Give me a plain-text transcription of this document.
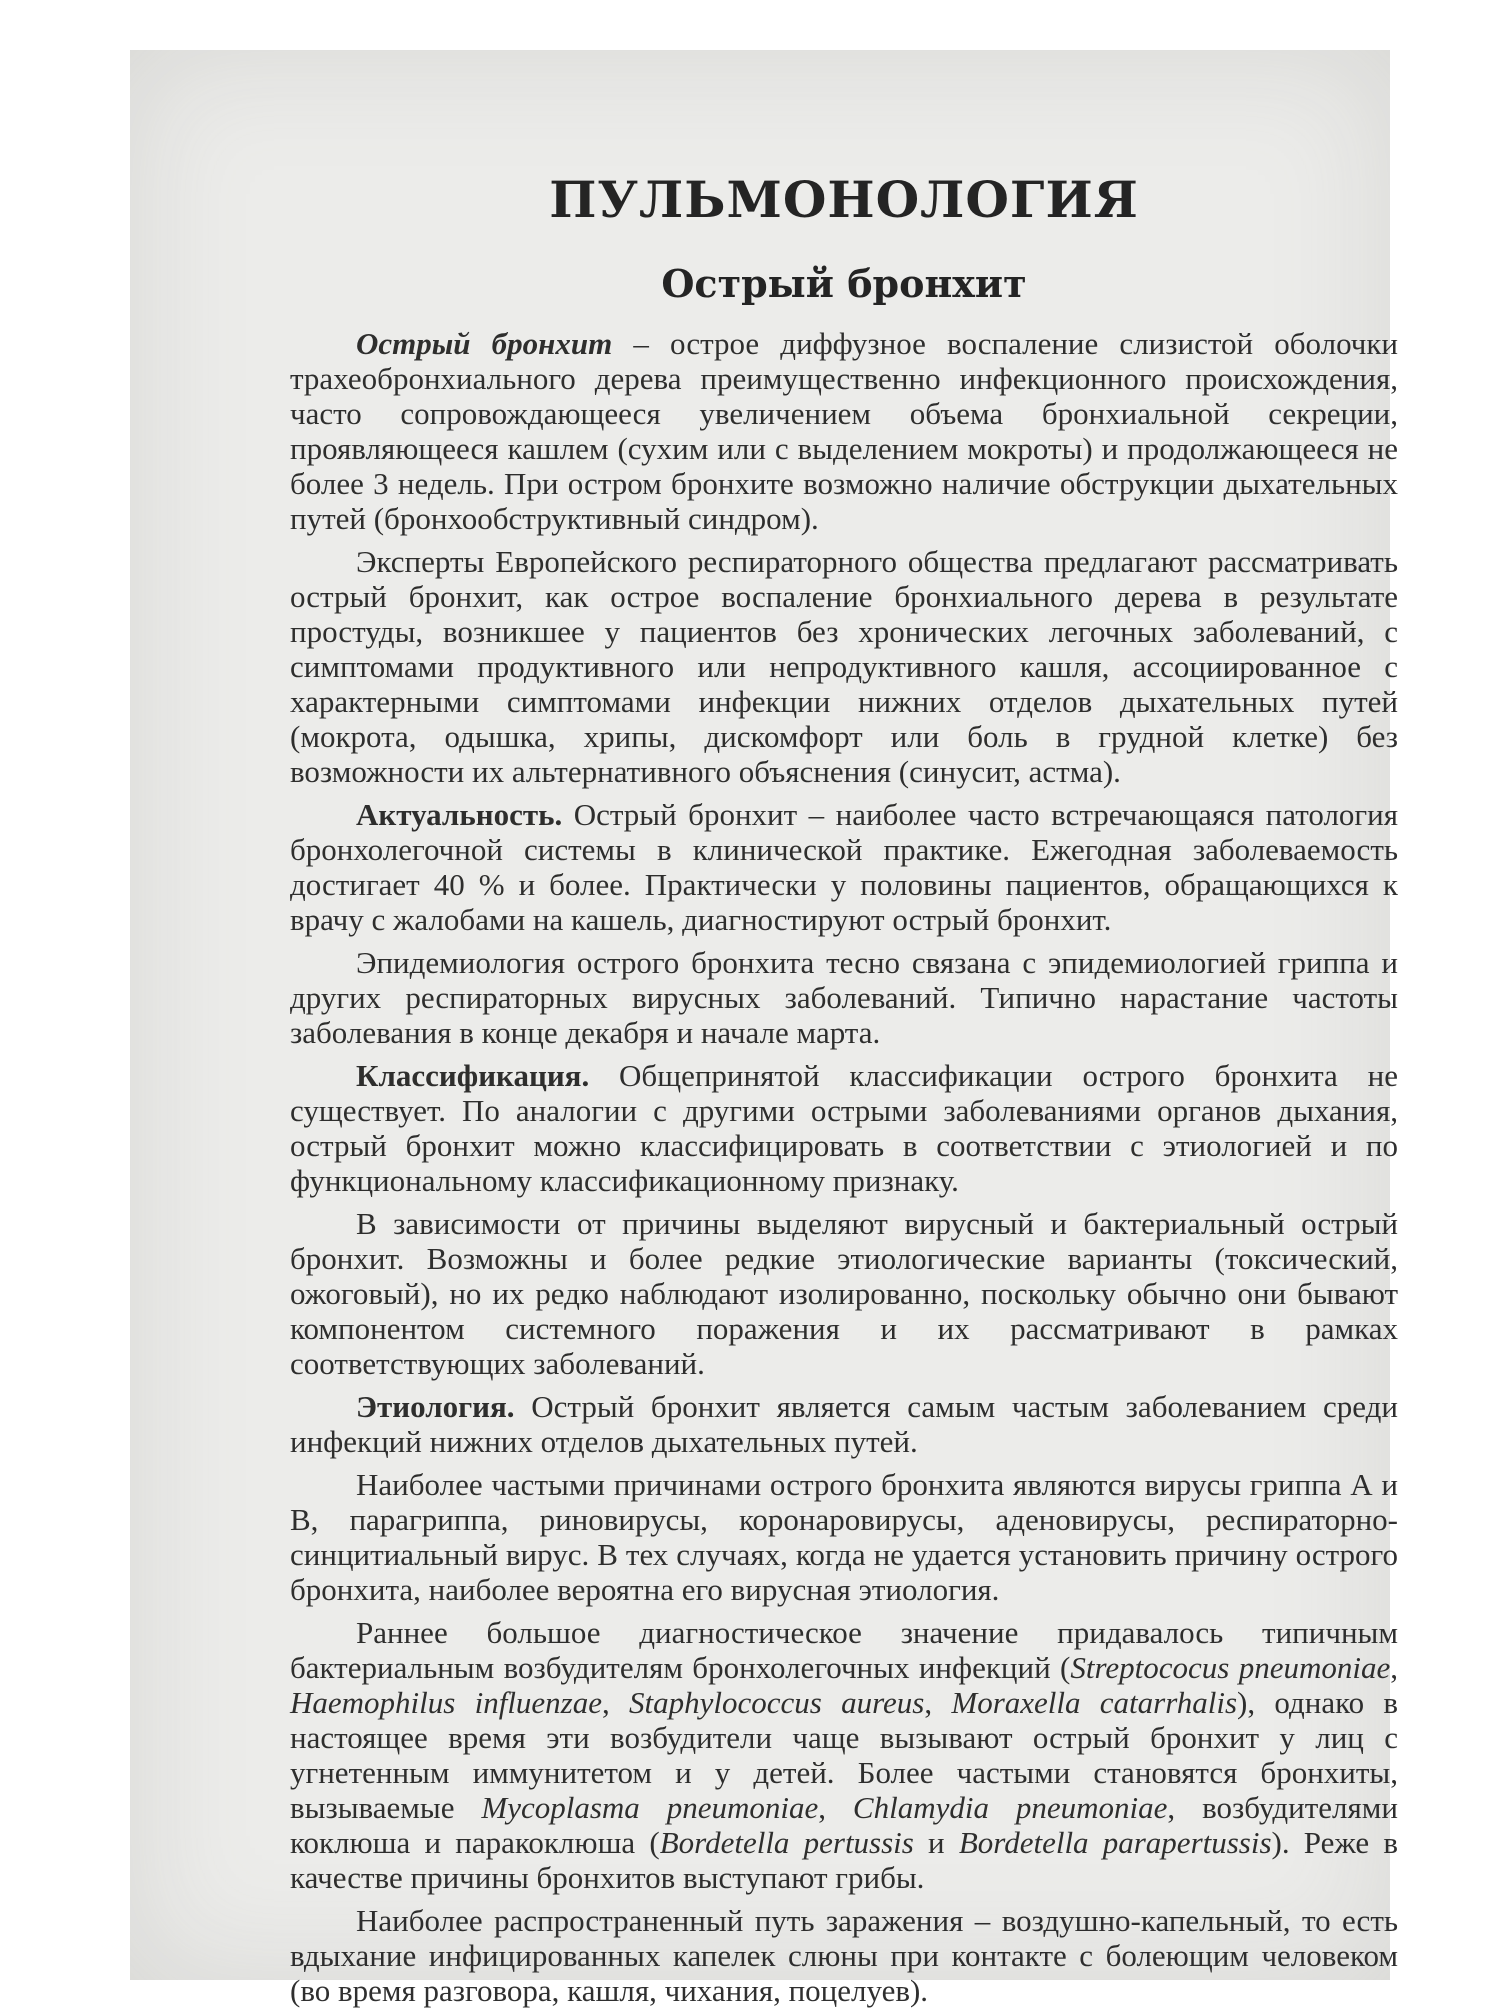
ПУЛЬМОНОЛОГИЯ
Острый бронхит

Острый бронхит – острое диффузное воспаление слизистой оболочки трахеобронхиального дерева преимущественно инфекционного происхождения, часто сопровождающееся увеличением объема бронхиальной секреции, проявляющееся кашлем (сухим или с выделением мокроты) и продолжающееся не более 3 недель. При остром бронхите возможно наличие обструкции дыхательных путей (бронхообструктивный синдром).

Эксперты Европейского респираторного общества предлагают рассматривать острый бронхит, как острое воспаление бронхиального дерева в результате простуды, возникшее у пациентов без хронических легочных заболеваний, с симптомами продуктивного или непродуктивного кашля, ассоциированное с характерными симптомами инфекции нижних отделов дыхательных путей (мокрота, одышка, хрипы, дискомфорт или боль в грудной клетке) без возможности их альтернативного объяснения (синусит, астма).

Актуальность. Острый бронхит – наиболее часто встречающаяся патология бронхолегочной системы в клинической практике. Ежегодная заболеваемость достигает 40 % и более. Практически у половины пациентов, обращающихся к врачу с жалобами на кашель, диагностируют острый бронхит.

Эпидемиология острого бронхита тесно связана с эпидемиологией гриппа и других респираторных вирусных заболеваний. Типично нарастание частоты заболевания в конце декабря и начале марта.

Классификация. Общепринятой классификации острого бронхита не существует. По аналогии с другими острыми заболеваниями органов дыхания, острый бронхит можно классифицировать в соответствии с этиологией и по функциональному классификационному признаку.

В зависимости от причины выделяют вирусный и бактериальный острый бронхит. Возможны и более редкие этиологические варианты (токсический, ожоговый), но их редко наблюдают изолированно, поскольку обычно они бывают компонентом системного поражения и их рассматривают в рамках соответствующих заболеваний.

Этиология. Острый бронхит является самым частым заболеванием среди инфекций нижних отделов дыхательных путей.

Наиболее частыми причинами острого бронхита являются вирусы гриппа А и В, парагриппа, риновирусы, коронаровирусы, аденовирусы, респираторно-синцитиальный вирус. В тех случаях, когда не удается установить причину острого бронхита, наиболее вероятна его вирусная этиология.

Раннее большое диагностическое значение придавалось типичным бактериальным возбудителям бронхолегочных инфекций (Streptococus pneumoniae, Haemophilus influenzae, Staphylococcus aureus, Moraxella catarrhalis), однако в настоящее время эти возбудители чаще вызывают острый бронхит у лиц с угнетенным иммунитетом и у детей. Более частыми становятся бронхиты, вызываемые Mycoplasma pneumoniae, Chlamydia pneumoniae, возбудителями коклюша и паракоклюша (Bordetella pertussis и Bordetella parapertussis). Реже в качестве причины бронхитов выступают грибы.

Наиболее распространенный путь заражения – воздушно-капельный, то есть вдыхание инфицированных капелек слюны при контакте с болеющим человеком (во время разговора, кашля, чихания, поцелуев).
